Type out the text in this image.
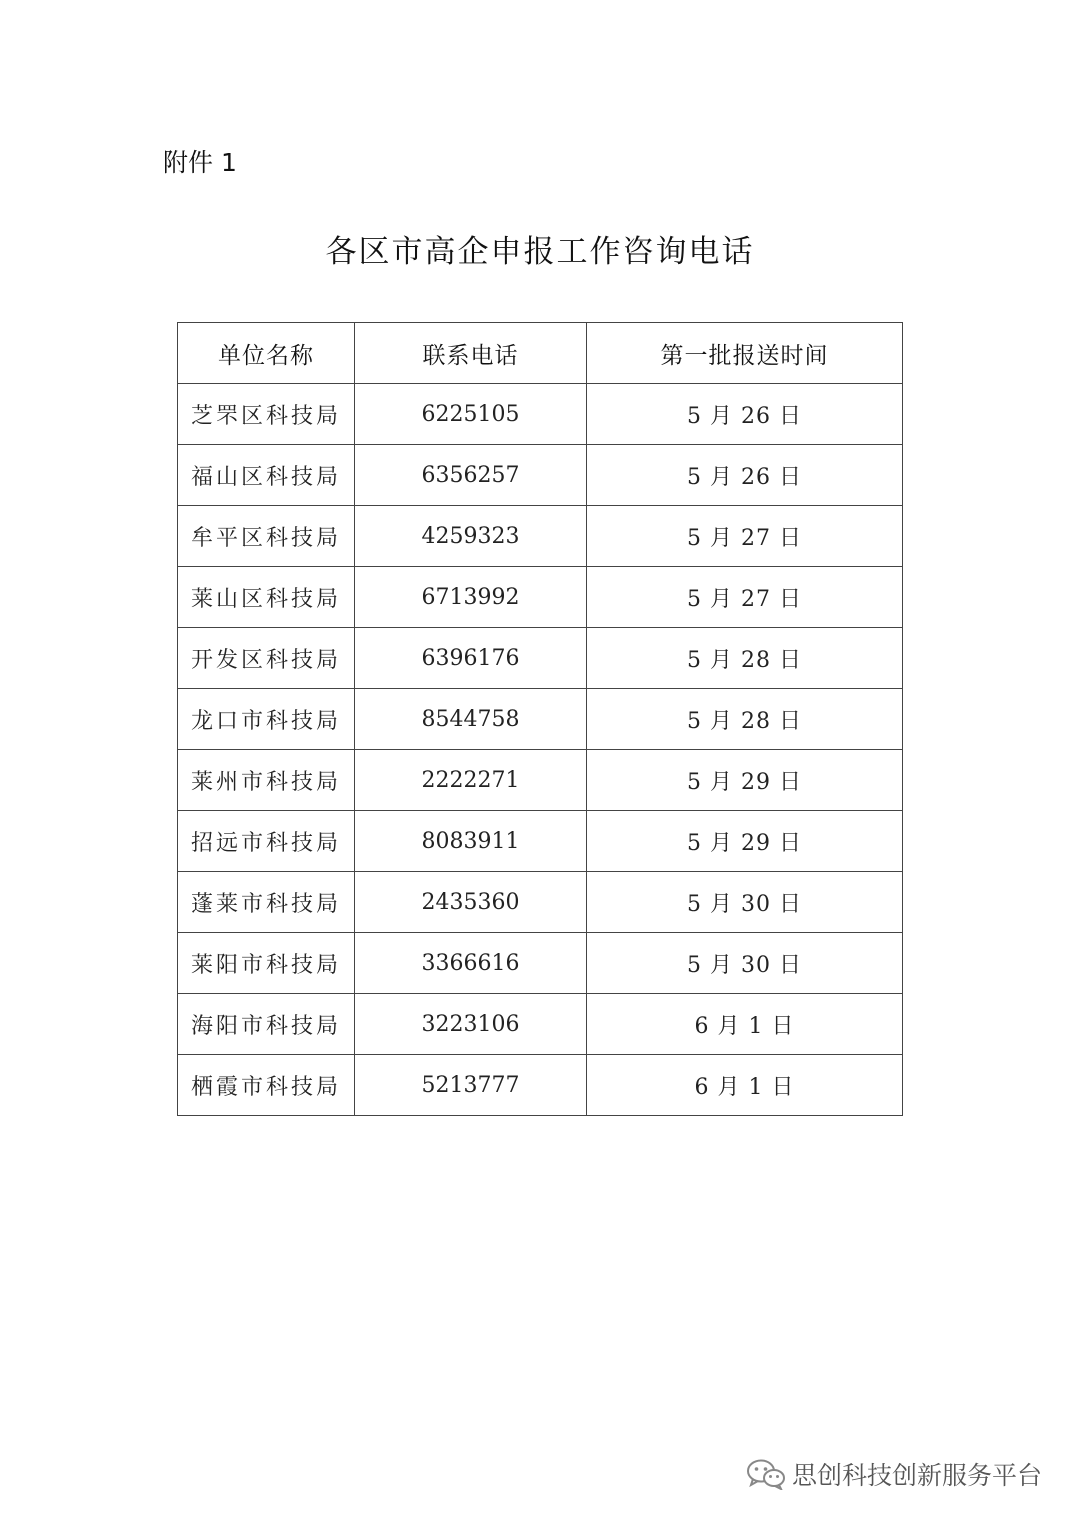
附件 1
各区市高企申报工作咨询电话
单位名称	联系电话	第一批报送时间
芝罘区科技局	6225105	5 月 26 日
福山区科技局	6356257	5 月 26 日
牟平区科技局	4259323	5 月 27 日
莱山区科技局	6713992	5 月 27 日
开发区科技局	6396176	5 月 28 日
龙口市科技局	8544758	5 月 28 日
莱州市科技局	2222271	5 月 29 日
招远市科技局	8083911	5 月 29 日
蓬莱市科技局	2435360	5 月 30 日
莱阳市科技局	3366616	5 月 30 日
海阳市科技局	3223106	6 月 1 日
栖霞市科技局	5213777	6 月 1 日
思创科技创新服务平台
